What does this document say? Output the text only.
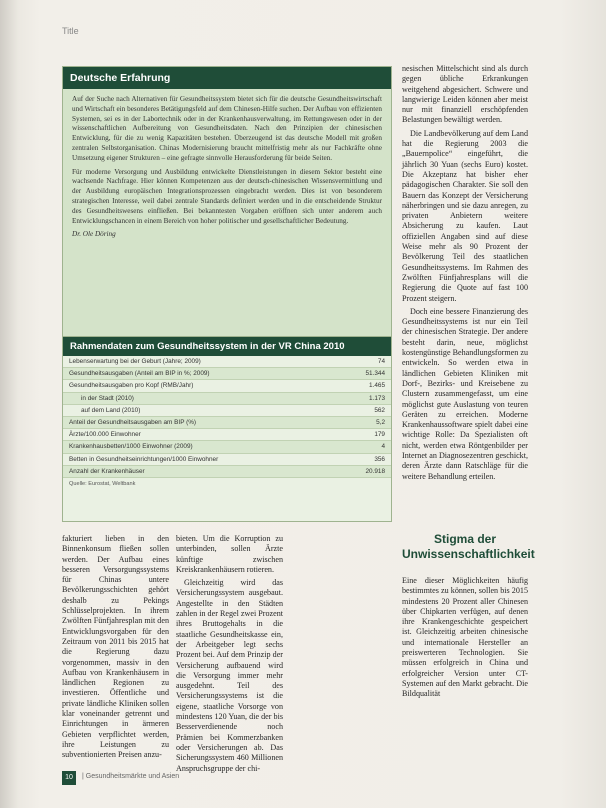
Title
Deutsche Erfahrung

Auf der Suche nach Alternativen für Gesundheitssystem bietet sich für die deutsche Gesundheitswirtschaft und Wirtschaft ein besonderes Betätigungsfeld auf dem Chinesen-Hilfe suchen. Der Aufbau von effizienten Systemen, sei es in der Labortechnik oder in der Krankenhausverwaltung, im Rettungswesen oder in der wissenschaftlichen Aufbereitung von Gesundheitsdaten. Nach den Prinzipien der chinesischen Entwicklung, für die zu wenig Kapazitäten bestehen. Überzeugend ist das deutsche Modell mit großen zentralen Selbstorganisation. Chinas Modernisierung braucht mittelfristig mehr als nur Fachkräfte ohne Umsetzung eigener Strukturen – eine gefragte sinnvolle Herausforderung für beide Seiten.

Für moderne Versorgung und Ausbildung entwickelte Dienstleistungen in diesem Sektor besteht eine wachsende Nachfrage. Hier können Kompetenzen aus der deutsch-chinesischen Wissensvermittlung und der Ausbildung europäischen Integrationsprozessen eingebracht werden. Dies ist von besonderem strategischen Interesse, weil dabei zentrale Standards definiert werden und in die entscheidende Struktur des Gesundheitswesens einfließen. Bei bekanntesten Vorgaben eröffnen sich unter anderem auch Entwicklungschancen in einem Bereich von hoher politischer und gesellschaftlicher Bedeutung.

Dr. Ole Döring

Rahmendaten zum Gesundheitssystem in der VR China 2010
Lebenserwartung bei der Geburt (Jahre; 2009)	74
Gesundheitsausgaben (Anteil am BIP in %; 2009)	51.344
Gesundheitsausgaben pro Kopf (RMB/Jahr)	1.465
in der Stadt (2010)	1.173
auf dem Land (2010)	562
Anteil der Gesundheitsausgaben am BIP (%)	5,2
Ärzte/100.000 Einwohner	179
Krankenhausbetten/1000 Einwohner (2009)	4
Betten in Gesundheitseinrichtungen/1000 Einwohner	356
Anzahl der Krankenhäuser	20.918
Quelle: Eurostat, Weltbank

fakturiert lieben in den Binnenkonsum fließen sollen werden. Der Aufbau eines besseren Versorgungssystems für Chinas untere Bevölkerungsschichten gehört deshalb zu Pekings Schlüsselprojekten. In ihrem Zwölften Fünfjahresplan mit den Entwicklungsvorgaben für den Zeitraum von 2011 bis 2015 hat die Regierung dazu vorgenommen, massiv in den Aufbau von Krankenhäusern in ländlichen Regionen zu investieren. Öffentliche und private ländliche Kliniken sollen klar voneinander getrennt und Einrichtungen in ärmeren Gebieten verpflichtet werden, ihre Leistungen zu subventionierten Preisen anzu-

bieten. Um die Korruption zu unterbinden, sollen Ärzte künftige zwischen Kreiskrankenhäusern rotieren.

Gleichzeitig wird das Versicherungssystem ausgebaut. Angestellte in den Städten zahlen in der Regel zwei Prozent ihres Bruttogehalts in die staatliche Gesundheitskasse ein, der Arbeitgeber legt sechs Prozent bei. Auf dem Prinzip der Versicherung aufbauend wird die Versorgung immer mehr ausgedehnt. Teil des Versicherungssystems ist die eigene, staatliche Vorsorge von mindestens 120 Yuan, die der bis Besserverdienende noch Prämien bei Kommerzbanken oder Versicherungen ab. Das Sicherungssystem 460 Millionen Anspruchsgruppe der chi-

nesischen Mittelschicht sind als durch gegen übliche Erkrankungen weitgehend abgesichert. Schwere und langwierige Leiden können aber meist nur mit finanziell erschöpfenden Belastungen bewältigt werden.

Die Landbevölkerung auf dem Land hat die Regierung 2003 die „Bauernpolice“ eingeführt, die jährlich 30 Yuan (sechs Euro) kostet. Die Akzeptanz hat bisher eher pädagogischen Charakter. Sie soll den Bauern das Konzept der Versicherung näherbringen und sie dazu anregen, zu privaten Anbietern weitere Absicherung zu kaufen. Laut offiziellen Angaben sind auf diese Weise mehr als 90 Prozent der Bevölkerung Teil des staatlichen Gesundheitssystems. Im Rahmen des Zwölften Fünfjahresplans will die Regierung die Quote auf fast 100 Prozent steigern.

Doch eine bessere Finanzierung des Gesundheitssystems ist nur ein Teil der chinesischen Strategie. Der andere besteht darin, neue, möglichst kostengünstige Behandlungsformen zu entwickeln. So werden etwa in ländlichen Gebieten Kliniken mit Dorf-, Bezirks- und Kreisebene zu Clustern zusammengefasst, um eine möglichst gute Auslastung von teuren Geräten zu erreichen. Moderne Krankenhaussoftware spielt dabei eine wichtige Rolle: Da Spezialisten oft nicht, werden etwa Röntgenbilder per Internet an Diagnosezentren geschickt, deren Ärzte dann Ratschläge für die weitere Behandlung erteilen.

Stigma der Unwissenschaftlichkeit

Eine dieser Möglichkeiten häufig bestimmtes zu können, sollen bis 2015 mindestens 20 Prozent aller Chinesen über Chipkarten verfügen, auf denen ihre Krankengeschichte gespeichert ist. Gleichzeitig arbeiten chinesische und internationale Hersteller an preiswerteren Technologien. Sie müssen erfolgreich in China und erfolgreicher Version unter CT-Systemen auf den Markt gebracht. Die Bildqualität

10	| Gesundheitsmärkte und Asien
